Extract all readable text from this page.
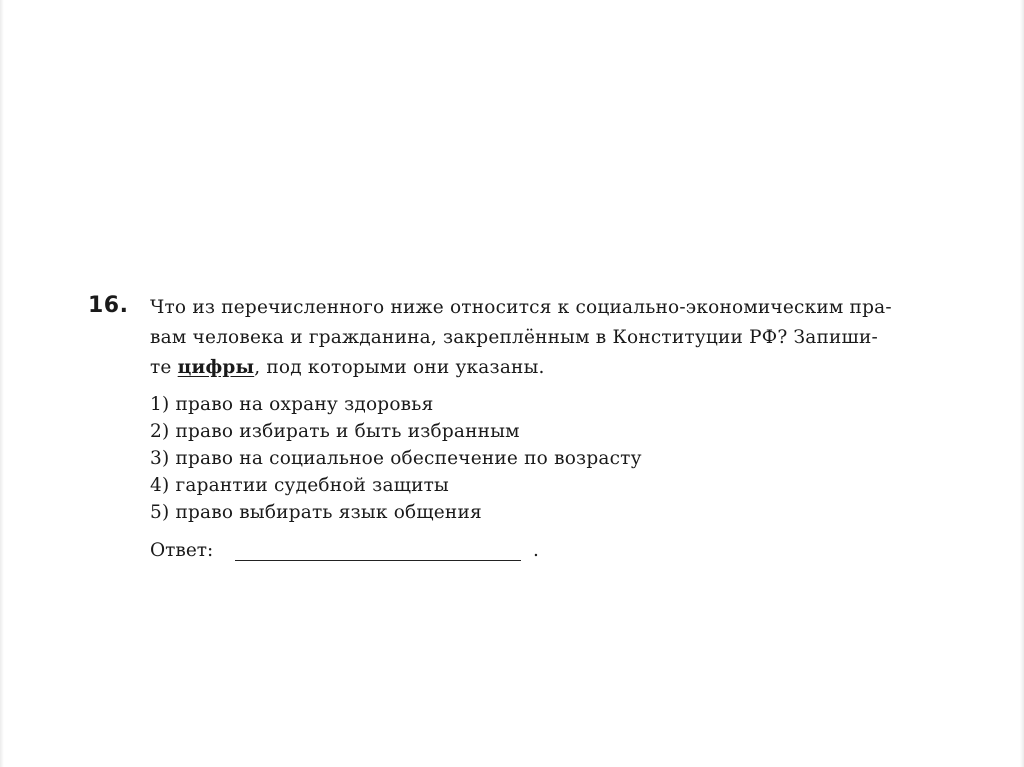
16. Что из перечисленного ниже относится к социально-экономическим пра-
вам человека и гражданина, закреплённым в Конституции РФ? Запиши-
те цифры, под которыми они указаны.
1) право на охрану здоровья
2) право избирать и быть избранным
3) право на социальное обеспечение по возрасту
4) гарантии судебной защиты
5) право выбирать язык общения
Ответ:	.
